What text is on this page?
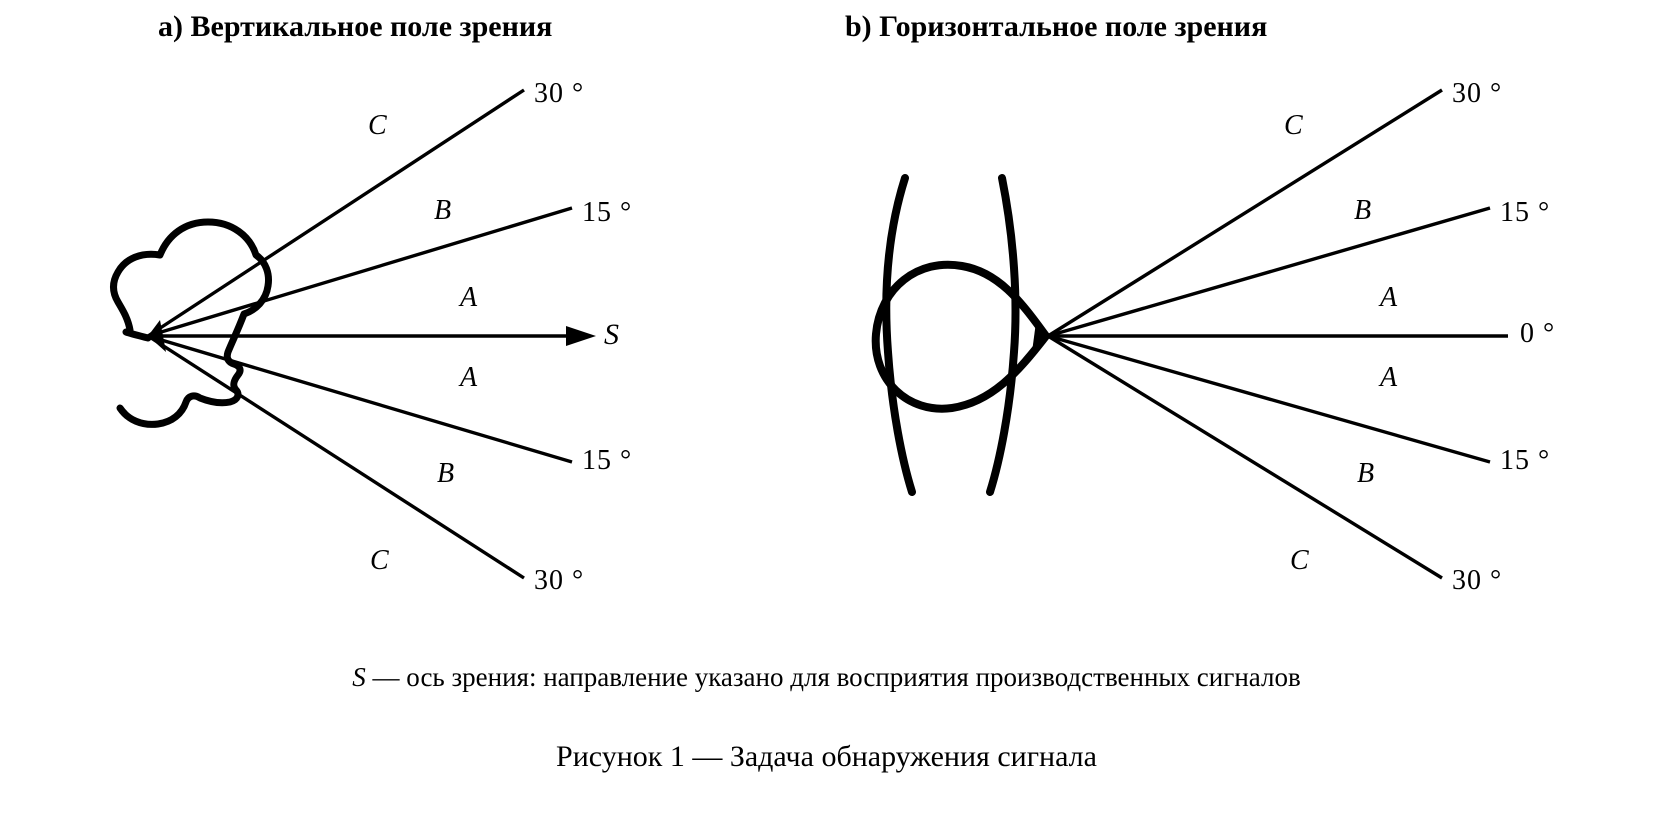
a) Вертикальное поле зрения	b) Горизонтальное поле зрения
C
B
A
A
B
C
30 °
15 °
15 °
30 °
S
C
B
A
A
B
C
30 °
15 °
0 °
15 °
30 °
S — ось зрения: направление указано для восприятия производственных сигналов
Рисунок 1 — Задача обнаружения сигнала
